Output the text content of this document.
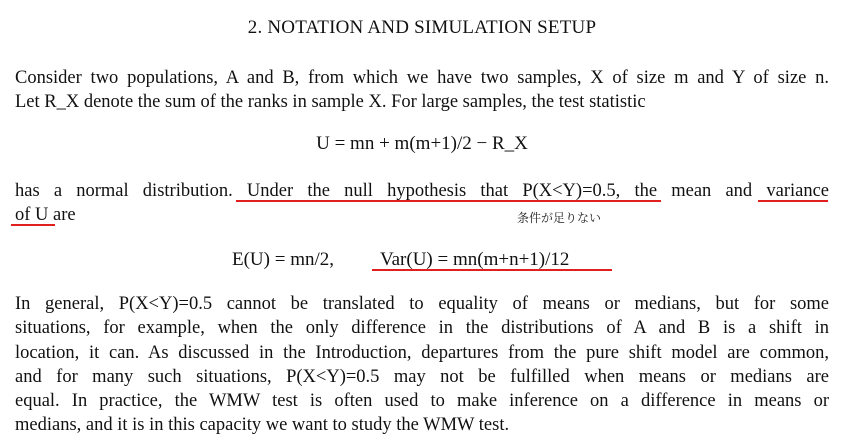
2. NOTATION AND SIMULATION SETUP
Consider two populations, A and B, from which we have two samples, X of size m and Y of size n.
Let R_X denote the sum of the ranks in sample X. For large samples, the test statistic
U = mn + m(m+1)/2 − R_X
has a normal distribution. Under the null hypothesis that P(X<Y)=0.5, the mean and variance
of U are	条件が足りない
E(U) = mn/2, Var(U) = mn(m+n+1)/12
In general, P(X<Y)=0.5 cannot be translated to equality of means or medians, but for some
situations, for example, when the only difference in the distributions of A and B is a shift in
location, it can. As discussed in the Introduction, departures from the pure shift model are common,
and for many such situations, P(X<Y)=0.5 may not be fulfilled when means or medians are
equal. In practice, the WMW test is often used to make inference on a difference in means or
medians, and it is in this capacity we want to study the WMW test.
